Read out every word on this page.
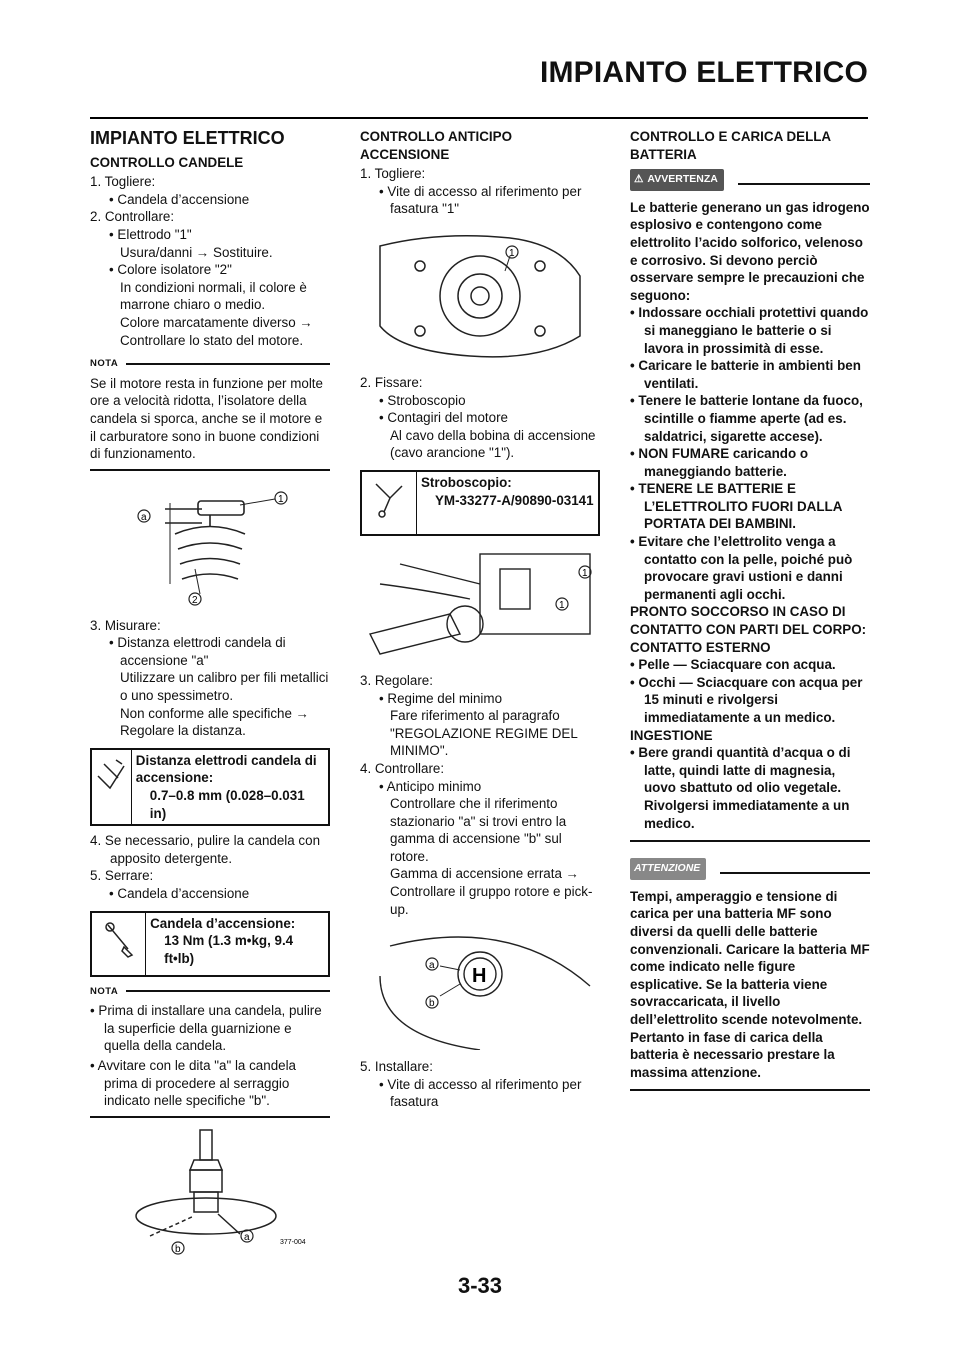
IMPIANTO ELETTRICO
IMPIANTO ELETTRICO
CONTROLLO CANDELE

1. Togliere:

• Candela d’accensione

2. Controllare:

• Elettrodo "1"

Usura/danni → Sostituire.

• Colore isolatore "2"

In condizioni normali, il colore è marrone chiaro o medio.

Colore marcatamente diverso → Controllare lo stato del motore.

NOTA
Se il motore resta in funzione per molte ore a velocità ridotta, l’isolatore della candela si sporca, anche se il motore e il carburatore sono in buone condizioni di funzionamento.
a
1
2

3. Misurare:

• Distanza elettrodi candela di accensione "a"

Utilizzare un calibro per fili metallici o uno spessimetro.

Non conforme alle specifiche → Regolare la distanza.

Distanza elettrodi candela di accensione:
0.7–0.8 mm (0.028–0.031 in)

4. Se necessario, pulire la candela con apposito detergente.

5. Serrare:

• Candela d’accensione

Candela d’accensione:
13 Nm (1.3 m•kg, 9.4 ft•lb)
NOTA
• Prima di installare una candela, pulire la superficie della guarnizione e quella della candela.
• Avvitare con le dita "a" la candela prima di procedere al serraggio indicato nelle specifiche "b".
a
b
377-004
CONTROLLO ANTICIPO ACCENSIONE

1. Togliere:

• Vite di accesso al riferimento per fasatura "1"

1

2. Fissare:

• Stroboscopio

• Contagiri del motore

Al cavo della bobina di accensione (cavo arancione "1").

Stroboscopio:
YM-33277-A/90890-03141
1
1

3. Regolare:

• Regime del minimo

Fare riferimento al paragrafo "REGOLAZIONE REGIME DEL MINIMO".

4. Controllare:

• Anticipo minimo

Controllare che il riferimento stazionario "a" si trovi entro la gamma di accensione "b" sul rotore.

Gamma di accensione errata → Controllare il gruppo rotore e pick-up.

H
a
b

5. Installare:

• Vite di accesso al riferimento per fasatura

CONTROLLO E CARICA DELLA BATTERIA
⚠ AVVERTENZA
Le batterie generano un gas idrogeno esplosivo e contengono come elettrolito l’acido solforico, velenoso e corrosivo. Si devono perciò osservare sempre le precauzioni che seguono:
• Indossare occhiali protettivi quando si maneggiano le batterie o si lavora in prossimità di esse.
• Caricare le batterie in ambienti ben ventilati.
• Tenere le batterie lontane da fuoco, scintille o fiamme aperte (ad es. saldatrici, sigarette accese).
• NON FUMARE caricando o maneggiando batterie.
• TENERE LE BATTERIE E L’ELETTROLITO FUORI DALLA PORTATA DEI BAMBINI.
• Evitare che l’elettrolito venga a contatto con la pelle, poiché può provocare gravi ustioni e danni permanenti agli occhi.
PRONTO SOCCORSO IN CASO DI CONTATTO CON PARTI DEL CORPO:
CONTATTO ESTERNO
• Pelle — Sciacquare con acqua.
• Occhi — Sciacquare con acqua per 15 minuti e rivolgersi immediatamente a un medico.
INGESTIONE
• Bere grandi quantità d’acqua o di latte, quindi latte di magnesia, uovo sbattuto od olio vegetale. Rivolgersi immediatamente a un medico.
ATTENZIONE
Tempi, amperaggio e tensione di carica per una batteria MF sono diversi da quelli delle batterie convenzionali. Caricare la batteria MF come indicato nelle figure esplicative. Se la batteria viene sovraccaricata, il livello dell’elettrolito scende notevolmente. Pertanto in fase di carica della batteria è necessario prestare la massima attenzione.
3-33
